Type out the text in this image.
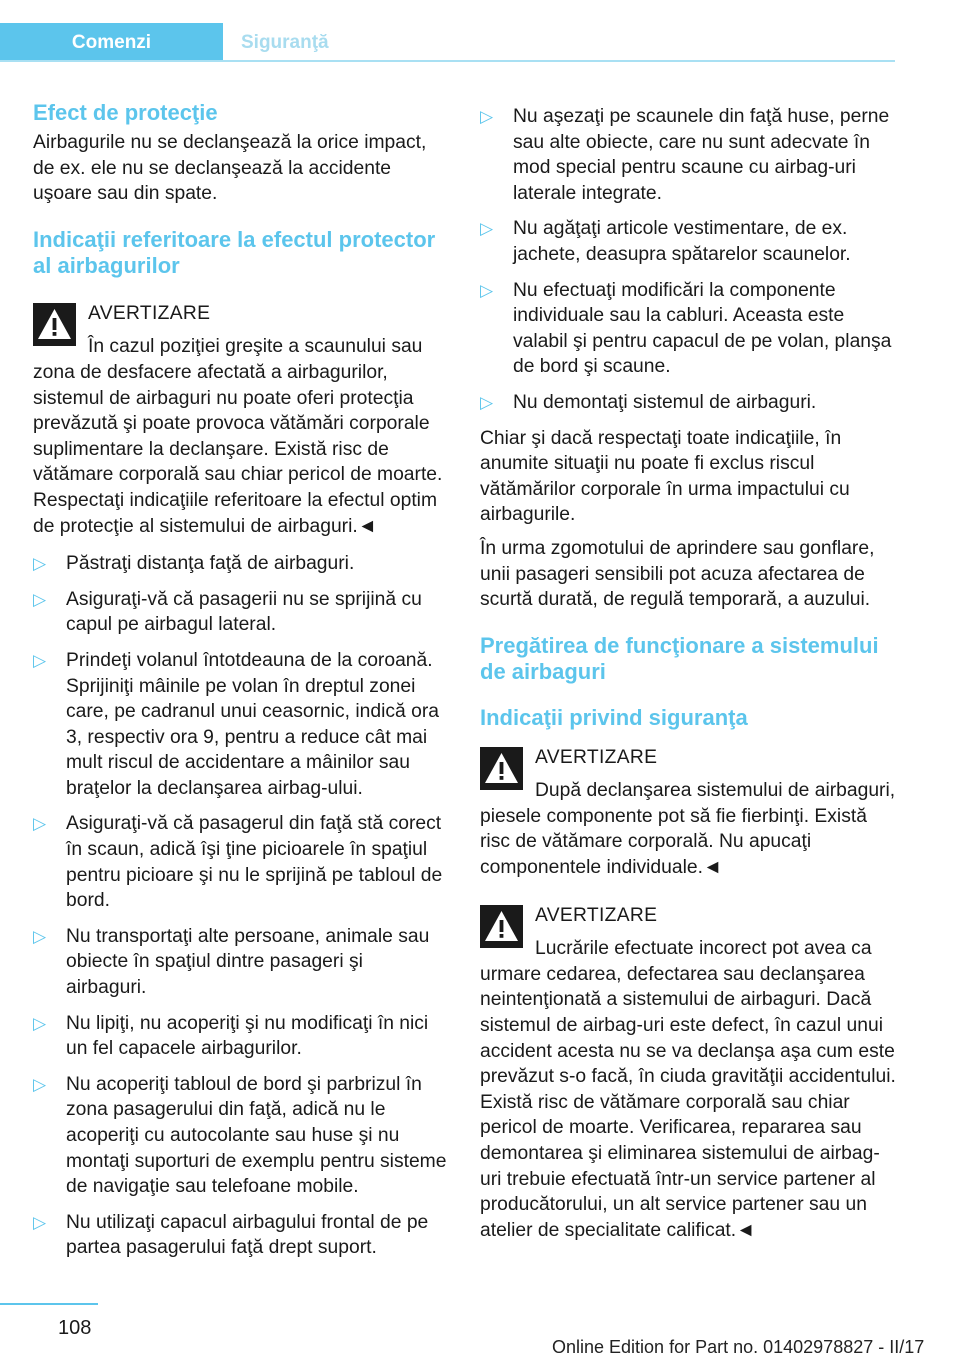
Comenzi	Siguranţă
Efect de protecţie

Airbagurile nu se declanşează la orice impact, de ex. ele nu se declanşează la accidente uşoare sau din spate.

Indicaţii referitoare la efectul protector al airbagurilor
AVERTIZARE
În cazul poziţiei greşite a scaunului sau zona de desfacere afectată a airbagurilor, sistemul de airbaguri nu poate oferi protecţia prevăzută şi poate provoca vătămări corporale suplimentare la declanşare. Există risc de vătămare corporală sau chiar pericol de moarte. Respectaţi indicaţiile referitoare la efectul optim de protecţie al sistemului de airbaguri.◄
▷ Păstraţi distanţa faţă de airbaguri.
▷ Asiguraţi-vă că pasagerii nu se sprijină cu capul pe airbagul lateral.
▷ Prindeţi volanul întotdeauna de la coroană. Sprijiniţi mâinile pe volan în dreptul zonei care, pe cadranul unui ceasornic, indică ora 3, respectiv ora 9, pentru a reduce cât mai mult riscul de accidentare a mâinilor sau braţelor la declanşarea airbag-ului.
▷ Asiguraţi-vă că pasagerul din faţă stă corect în scaun, adică îşi ţine picioarele în spaţiul pentru picioare şi nu le sprijină pe tabloul de bord.
▷ Nu transportaţi alte persoane, animale sau obiecte în spaţiul dintre pasageri şi airbaguri.
▷ Nu lipiţi, nu acoperiţi şi nu modificaţi în nici un fel capacele airbagurilor.
▷ Nu acoperiţi tabloul de bord şi parbrizul în zona pasagerului din faţă, adică nu le acoperiţi cu autocolante sau huse şi nu montaţi suporturi de exemplu pentru sisteme de navigaţie sau telefoane mobile.
▷ Nu utilizaţi capacul airbagului frontal de pe partea pasagerului faţă drept suport.
▷ Nu aşezaţi pe scaunele din faţă huse, perne sau alte obiecte, care nu sunt adecvate în mod special pentru scaune cu airbag-uri laterale integrate.
▷ Nu agăţaţi articole vestimentare, de ex. jachete, deasupra spătarelor scaunelor.
▷ Nu efectuaţi modificări la componente individuale sau la cabluri. Aceasta este valabil şi pentru capacul de pe volan, planşa de bord şi scaune.
▷ Nu demontaţi sistemul de airbaguri.

Chiar şi dacă respectaţi toate indicaţiile, în anumite situaţii nu poate fi exclus riscul vătămărilor corporale în urma impactului cu airbagurile.

În urma zgomotului de aprindere sau gonflare, unii pasageri sensibili pot acuza afectarea de scurtă durată, de regulă temporară, a auzului.

Pregătirea de funcţionare a sistemului de airbaguri
Indicaţii privind siguranţa
AVERTIZARE
După declanşarea sistemului de airbaguri, piesele componente pot să fie fierbinţi. Există risc de vătămare corporală. Nu apucaţi componentele individuale.◄
AVERTIZARE
Lucrările efectuate incorect pot avea ca urmare cedarea, defectarea sau declanşarea neintenţionată a sistemului de airbaguri. Dacă sistemul de airbag-uri este defect, în cazul unui accident acesta nu se va declanşa aşa cum este prevăzut s-o facă, în ciuda gravităţii accidentului. Există risc de vătămare corporală sau chiar pericol de moarte. Verificarea, repararea sau demontarea şi eliminarea sistemului de airbag-uri trebuie efectuată într-un service partener al producătorului, un alt service partener sau un atelier de specialitate calificat.◄
108
Online Edition for Part no. 01402978827 - II/17
